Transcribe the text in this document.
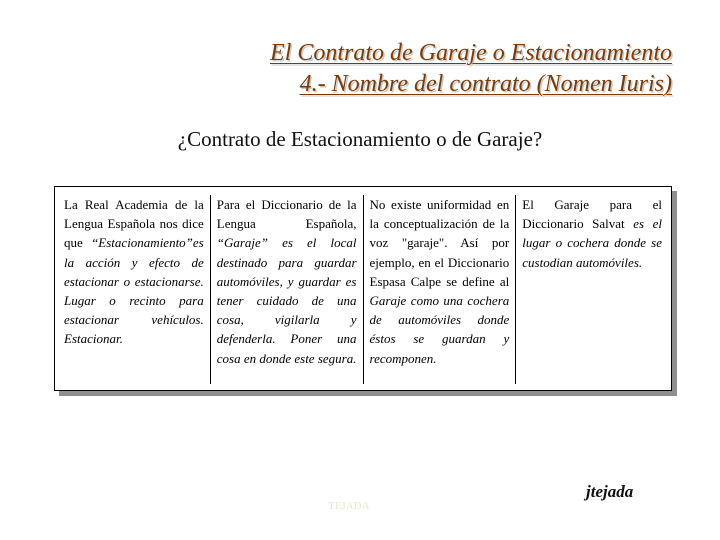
El Contrato de Garaje o Estacionamiento
4.- Nombre del contrato (Nomen Iuris)
¿Contrato de Estacionamiento o de Garaje?
La Real Academia de la Lengua Española nos dice que “Estacionamiento”es la acción y efecto de estacionar o estacionarse. Lugar o recinto para estacionar vehículos. Estacionar.
Para el Diccionario de la Lengua Española, “Garaje” es el local destinado para guardar automóviles, y guardar es tener cuidado de una cosa, vigilarla y defenderla. Poner una cosa en donde este segura.
No existe uniformidad en la conceptualización de la voz "garaje". Así por ejemplo, en el Diccionario Espasa Calpe se define al Garaje como una cochera de automóviles donde éstos se guardan y recomponen.
El Garaje para el Diccionario Salvat es el lugar o cochera donde se custodian automóviles.
TEJADA
jtejada
